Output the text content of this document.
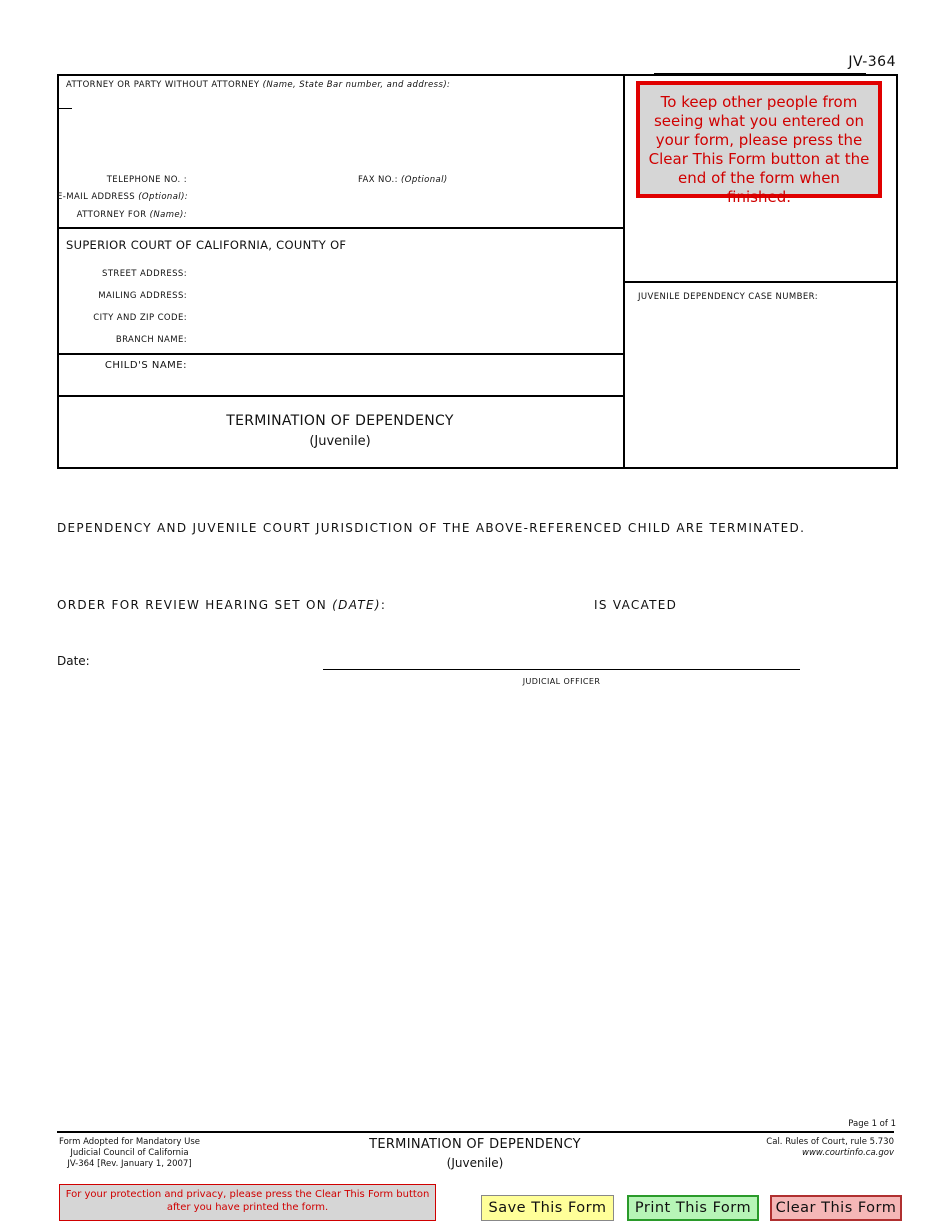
JV-364
ATTORNEY OR PARTY WITHOUT ATTORNEY (Name, State Bar number, and address):
TELEPHONE NO. :	FAX NO.: (Optional)
E-MAIL ADDRESS (Optional):
ATTORNEY FOR (Name):
SUPERIOR COURT OF CALIFORNIA, COUNTY OF
STREET ADDRESS:
MAILING ADDRESS:
CITY AND ZIP CODE:
BRANCH NAME:
CHILD'S NAME:
TERMINATION OF DEPENDENCY
(Juvenile)
To keep other people from seeing what you entered on your form, please press the Clear This Form button at the end of the form when finished.
JUVENILE DEPENDENCY CASE NUMBER:
DEPENDENCY AND JUVENILE COURT JURISDICTION OF THE ABOVE-REFERENCED CHILD ARE TERMINATED.
ORDER FOR REVIEW HEARING SET ON (DATE):	IS VACATED
Date:
JUDICIAL OFFICER
Page 1 of 1
Form Adopted for Mandatory Use
Judicial Council of California
JV-364 [Rev. January 1, 2007]
TERMINATION OF DEPENDENCY
(Juvenile)
Cal. Rules of Court, rule 5.730
www.courtinfo.ca.gov
For your protection and privacy, please press the Clear This Form button after you have printed the form.	Save This Form	Print This Form	Clear This Form
